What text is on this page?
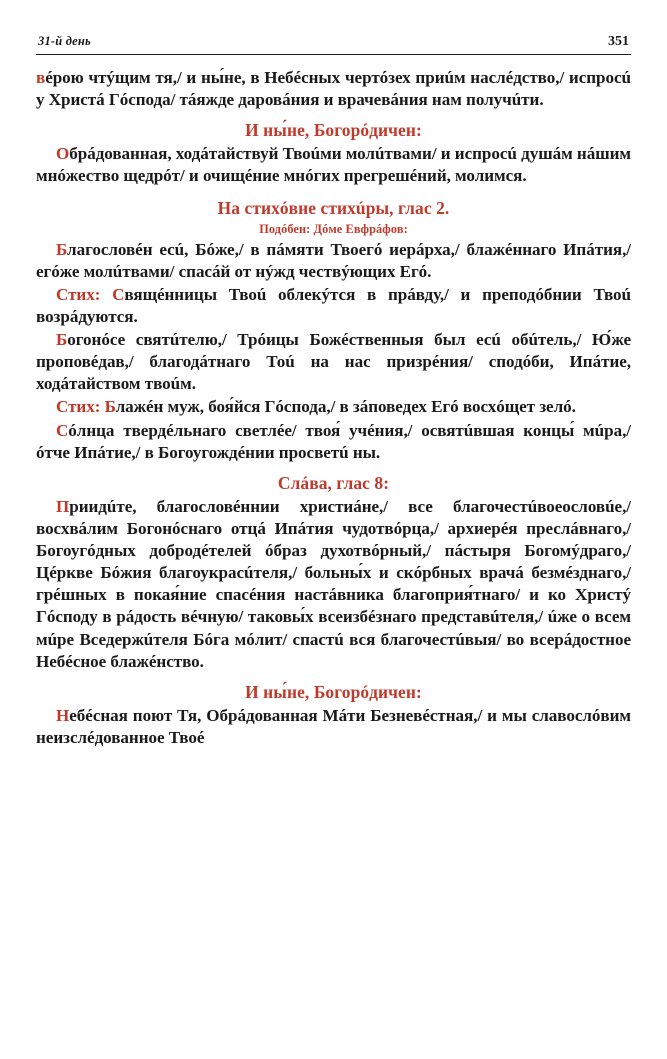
31-й день	351

вéрою чтýщим тя,/ и ны́не, в Небéсных чертóзех приúм наслéдство,/ испросú у Христá Гóспода/ тáяжде даровáния и врачевáния нам получúти.

И ны́не, Богорóдичен:

Обрáдованная, ходáтайствуй Твоúми молúтвами/ и испросú душáм нáшим мнóжество щедрóт/ и очищéние мнóгих прегрешéний, молимся.

На стихóвне стихúры, глас 2.
Подóбен: Дóме Евфрáфов:

Благословéн есú, Бóже,/ в пáмяти Твоегó иерáрха,/ блажéннаго Ипáтия,/ егóже молúтвами/ спасáй от нýжд чествýющих Егó.

Стих: Свящéнницы Твоú облекýтся в прáвду,/ и преподóбнии Твоú возрáдуются.

Богонóсе святúтелю,/ Трóицы Божéственныя был есú обúтель,/ Ю́же проповéдав,/ благодáтнаго Тоú на нас призрéния/ сподóби, Ипáтие, ходáтайством твоúм.

Стих: Блажéн муж, боя́йся Гóспода,/ в зáповедех Егó восхóщет зелó.

Сóлнца твердéльнаго светлée/ твоя́ учéния,/ освятúвшая концы́ мúра,/ óтче Ипáтие,/ в Богоугождéнии просветú ны.

Слáва, глас 8:

Приидúте, благословéннии христиáне,/ все благочестúвоеословúе,/ восхвáлим Богонóснаго отцá Ипáтия чудотвóрца,/ архиерéя преслáвнаго,/ Богоугóдных добродéтелей óбраз духотвóрный,/ пáстыря Богомýдраго,/ Цéркве Бóжия благоукрасúтеля,/ больны́х и скóрбных врачá безмéзднаго,/ грéшных в покая́ние спасéния настáвника благоприя́тнаго/ и ко Христý Гóсподу в рáдость вéчную/ таковы́х всеизбéзнаго представúтеля,/ úже о всем мúре Вседержúтеля Бóга мóлит/ спастú вся благочестúвыя/ во всерáдостное Небéсное блажéнство.

И ны́не, Богорóдичен:

Небéсная поют Тя, Обрáдованная Мáти Безневéстная,/ и мы славослóвим неизслéдованное Твоé
